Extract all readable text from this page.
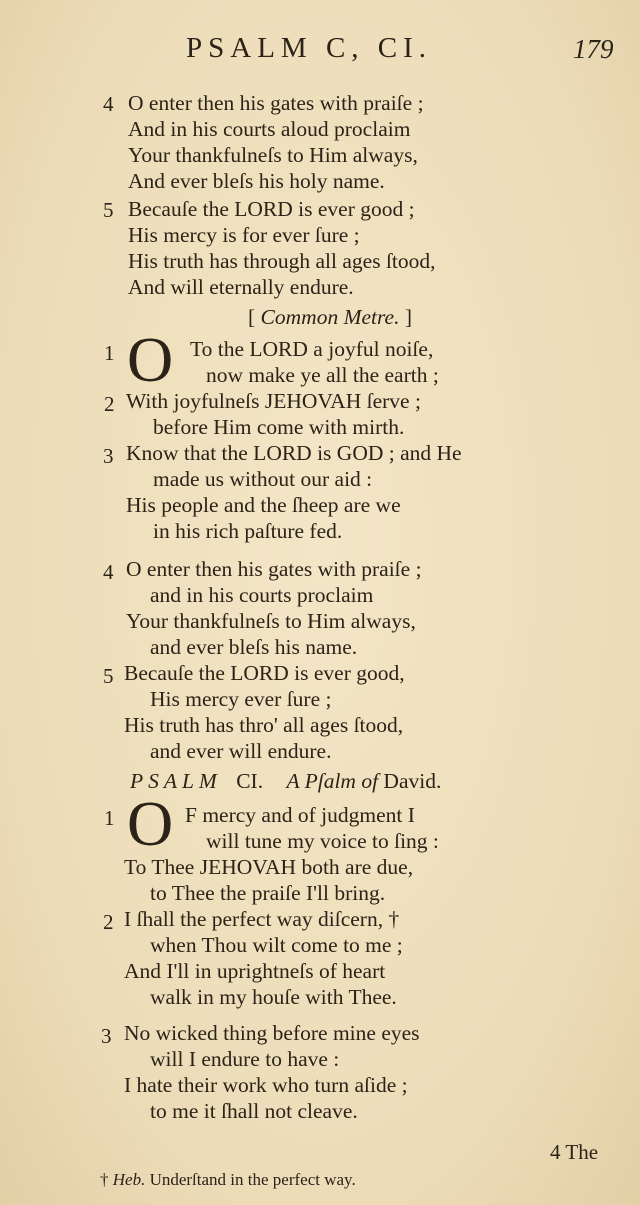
PSALM C, CI.	179
4 O enter then his gates with praiſe ;
And in his courts aloud proclaim
Your thankfulneſs to Him always,
And ever bleſs his holy name.
5 Becauſe the LORD is ever good ;
His mercy is for ever ſure ;
His truth has through all ages ſtood,
And will eternally endure.
[ Common Metre. ]
1 O To the LORD a joyful noiſe,
now make ye all the earth ;
2 With joyfulneſs JEHOVAH ſerve ;
before Him come with mirth.
3 Know that the LORD is GOD ; and He
made us without our aid :
His people and the ſheep are we
in his rich paſture fed.
4 O enter then his gates with praiſe ;
and in his courts proclaim
Your thankfulneſs to Him always,
and ever bleſs his name.
5 Becauſe the LORD is ever good,
His mercy ever ſure ;
His truth has thro' all ages ſtood,
and ever will endure.
P S A L M CI. A Pſalm of David.
1 O F mercy and of judgment I
will tune my voice to ſing :
To Thee JEHOVAH both are due,
to Thee the praiſe I'll bring.
2 I ſhall the perfect way diſcern, †
when Thou wilt come to me ;
And I'll in uprightneſs of heart
walk in my houſe with Thee.
3 No wicked thing before mine eyes
will I endure to have :
I hate their work who turn aſide ;
to me it ſhall not cleave.
4 The
† Heb. Underſtand in the perfect way.
